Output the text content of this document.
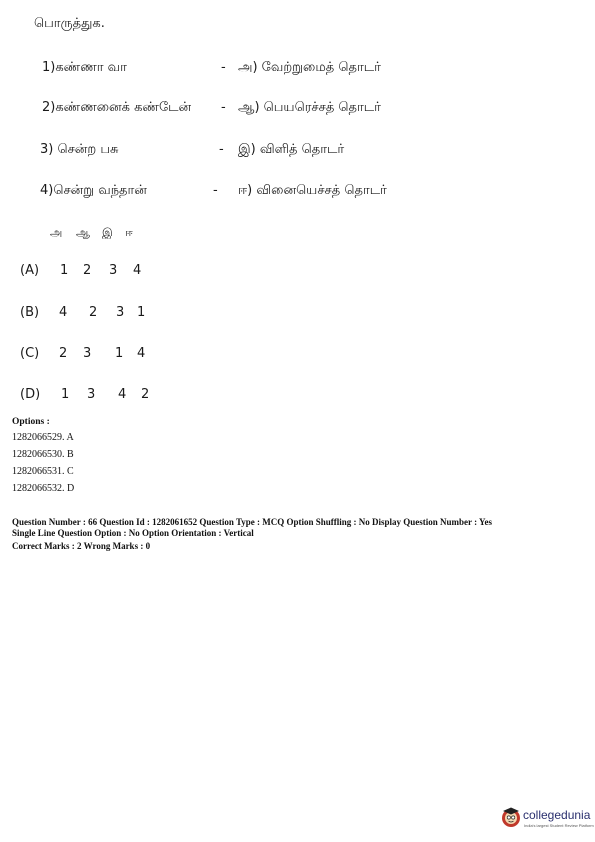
பொருத்துக.
1)கண்ணா வா	- அ) வேற்றுமைத் தொடர்
2)கண்ணனைக் கண்டேன் - ஆ) பெயரெச்சத் தொடர்
3) சென்ற பசு	- இ) விளித் தொடர்
4)சென்று வந்தான்	- ஈ) வினையெச்சத் தொடர்
அ ஆ இ ஈ
(A) 1 2 3 4
(B) 4 2 3 1
(C) 2 3 1 4
(D) 1 3 4 2
Options :
1282066529. A
1282066530. B
1282066531. C
1282066532. D
Question Number : 66 Question Id : 1282061652 Question Type : MCQ Option Shuffling : No Display Question Number : Yes
Single Line Question Option : No Option Orientation : Vertical
Correct Marks : 2 Wrong Marks : 0
collegedunia
India's largest Student Review Platform
